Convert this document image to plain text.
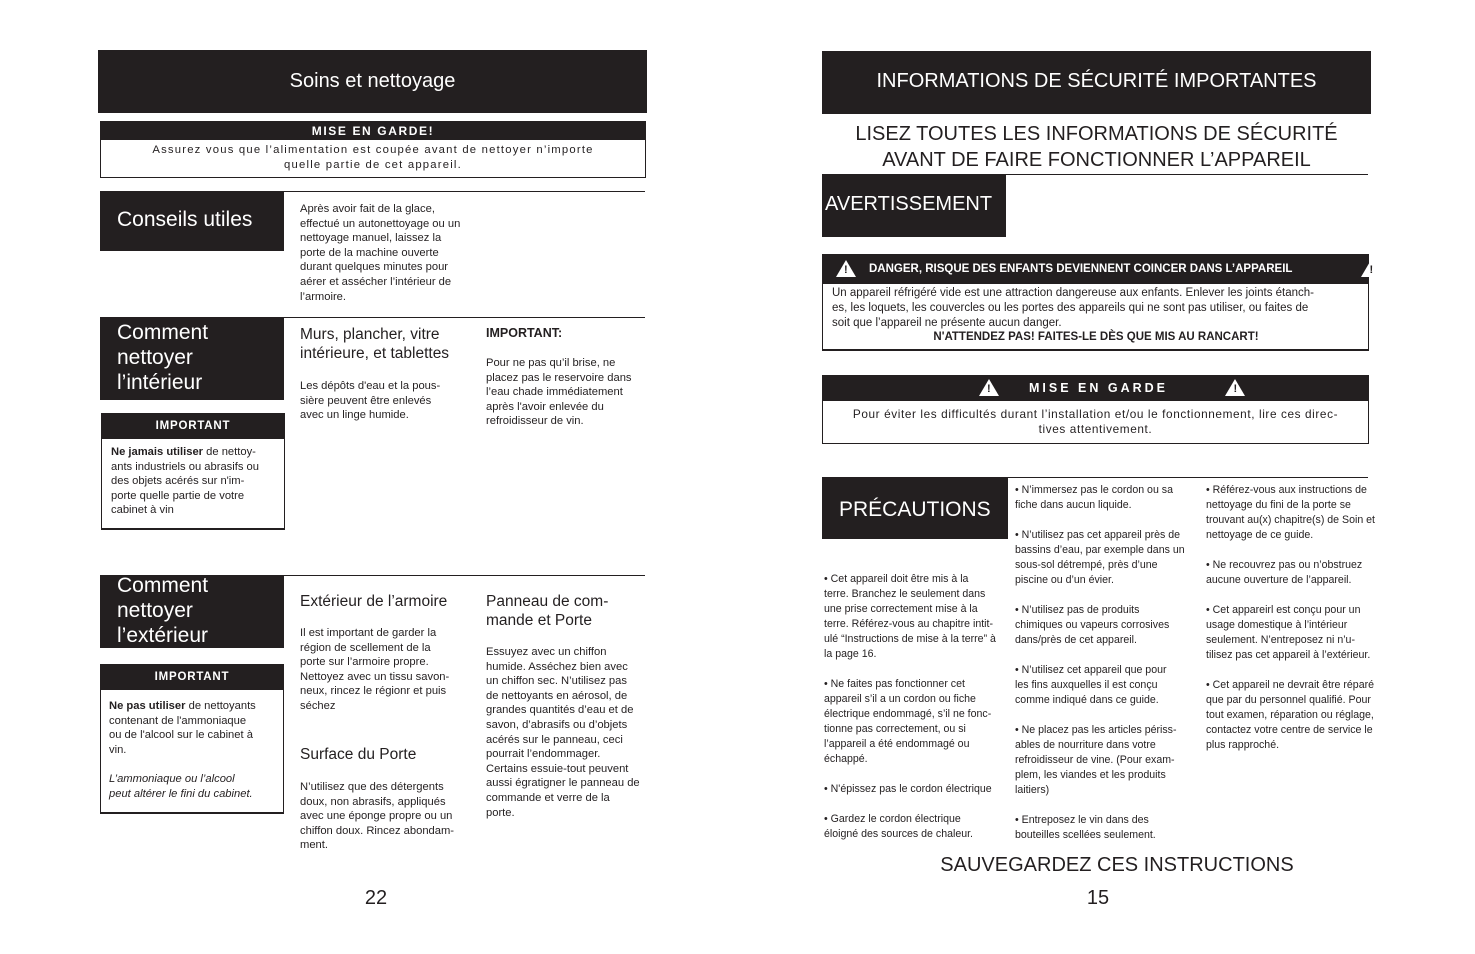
Soins et nettoyage
MISE EN GARDE!
Assurez vous que l’alimentation est coupée avant de nettoyer n’importe
quelle partie de cet appareil.
Conseils utiles	Après avoir fait de la glace,
effectué un autonettoyage ou un
nettoyage manuel, laissez la
porte de la machine ouverte
durant quelques minutes pour
aérer et assécher l’intérieur de
l’armoire.
Comment
nettoyer
l’intérieur
IMPORTANT
Ne jamais utiliser de nettoy-
ants industriels ou abrasifs ou
des objets acérés sur n'im-
porte quelle partie de votre
cabinet à vin
Murs, plancher, vitre
intérieure, et tablettes
Les dépôts d'eau et la pous-
sière peuvent être enlevés
avec un linge humide.
IMPORTANT:
Pour ne pas qu’il brise, ne
placez pas le reservoire dans
l’eau chade immédiatement
après l'avoir enlevée du
refroidisseur de vin.
Comment
nettoyer
l’extérieur
IMPORTANT
Ne pas utiliser de nettoyants
contenant de l'ammoniaque
ou de l'alcool sur le cabinet à
vin.
L’ammoniaque ou l’alcool
peut altérer le fini du cabinet.
Extérieur de l’armoire
Il est important de garder la
région de scellement de la
porte sur l’armoire propre.
Nettoyez avec un tissu savon-
neux, rincez le régionr et puis
séchez
Surface du Porte
N’utilisez que des détergents
doux, non abrasifs, appliqués
avec une éponge propre ou un
chiffon doux. Rincez abondam-
ment.
Panneau de com-
mande et Porte
Essuyez avec un chiffon
humide. Asséchez bien avec
un chiffon sec. N’utilisez pas
de nettoyants en aérosol, de
grandes quantités d’eau et de
savon, d’abrasifs ou d’objets
acérés sur le panneau, ceci
pourrait l’endommager.
Certains essuie-tout peuvent
aussi égratigner le panneau de
commande et verre de la
porte.
22
INFORMATIONS DE SÉCURITÉ IMPORTANTES
LISEZ TOUTES LES INFORMATIONS DE SÉCURITÉ
AVANT DE FAIRE FONCTIONNER L’APPAREIL
AVERTISSEMENT
!
DANGER, RISQUE DES ENFANTS DEVIENNENT COINCER DANS L’APPAREIL	!
Un appareil réfrigéré vide est une attraction dangereuse aux enfants. Enlever les joints étanch-
es, les loquets, les couvercles ou les portes des appareils qui ne sont pas utiliser, ou faites de
soit que l’appareil ne présente aucun danger.
N'ATTENDEZ PAS! FAITES-LE DÈS QUE MIS AU RANCART!
!
	MISE EN GARDE	!
Pour éviter les difficultés durant l’installation et/ou le fonctionnement, lire ces direc-
tives attentivement.
PRÉCAUTIONS
• Cet appareil doit être mis à la
terre. Branchez le seulement dans
une prise correctement mise à la
terre. Référez-vous au chapitre intit-
ulé “Instructions de mise à la terre” à
la page 16.
• Ne faites pas fonctionner cet
appareil s’il a un cordon ou fiche
électrique endommagé, s’il ne fonc-
tionne pas correctement, ou si
l’appareil a été endommagé ou
échappé.
• N'épissez pas le cordon électrique
• Gardez le cordon électrique
éloigné des sources de chaleur.
• N’immersez pas le cordon ou sa
fiche dans aucun liquide.
• N’utilisez pas cet appareil près de
bassins d’eau, par exemple dans un
sous-sol détrempé, près d’une
piscine ou d’un évier.
• N’utilisez pas de produits
chimiques ou vapeurs corrosives
dans/près de cet appareil.
• N’utilisez cet appareil que pour
les fins auxquelles il est conçu
comme indiqué dans ce guide.
• Ne placez pas les articles périss-
ables de nourriture dans votre
refroidisseur de vine. (Pour exam-
plem, les viandes et les produits
laitiers)
• Entreposez le vin dans des
bouteilles scellées seulement.
• Référez-vous aux instructions de
nettoyage du fini de la porte se
trouvant au(x) chapitre(s) de Soin et
nettoyage de ce guide.
• Ne recouvrez pas ou n’obstruez
aucune ouverture de l’appareil.
• Cet appareirl est conçu pour un
usage domestique à l’intérieur
seulement. N’entreposez ni n’u-
tilisez pas cet appareil à l’extérieur.
• Cet appareil ne devrait être réparé
que par du personnel qualifié. Pour
tout examen, réparation ou réglage,
contactez votre centre de service le
plus rapproché.
SAUVEGARDEZ CES INSTRUCTIONS
15
